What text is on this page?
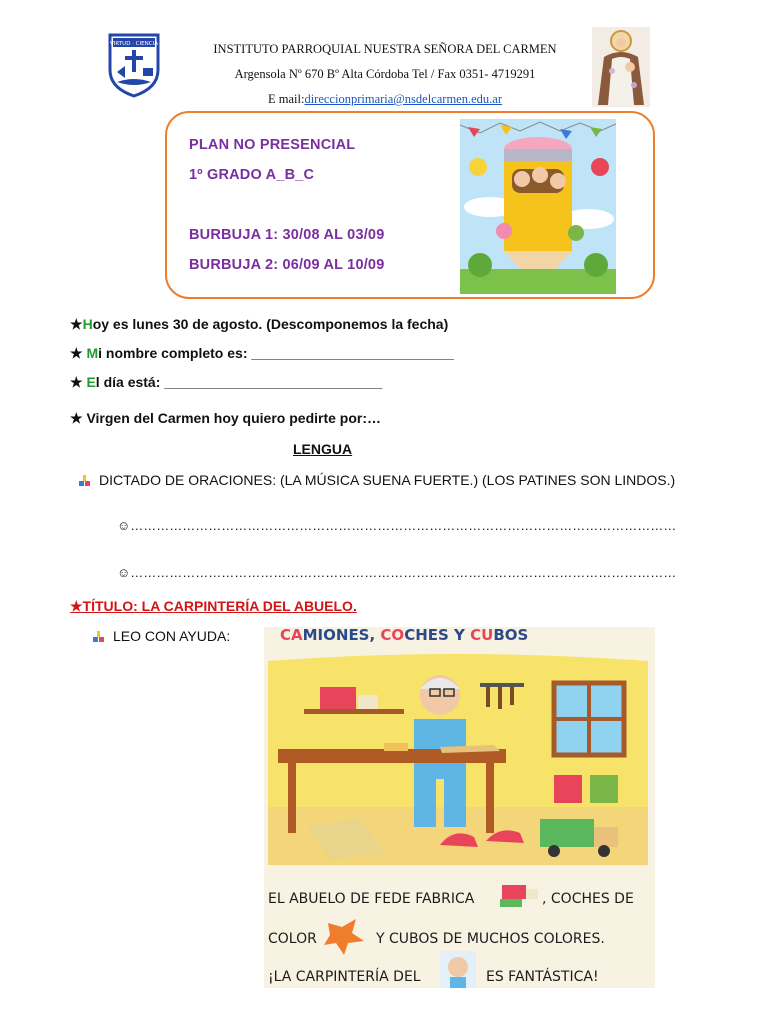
VIRTUD · CIENCIA	INSTITUTO PARROQUIAL NUESTRA SEÑORA DEL CARMEN
Argensola Nº 670 Bº Alta Córdoba Tel / Fax 0351- 4719291
E mail:direccionprimaria@nsdelcarmen.edu.ar
PLAN NO PRESENCIAL
1º GRADO A_B_C
BURBUJA 1: 30/08 AL 03/09
BURBUJA 2: 06/09 AL 10/09
★Hoy es lunes 30 de agosto. (Descomponemos la fecha)
★ Mi nombre completo es: __________________________
★ El día está: ____________________________
★ Virgen del Carmen hoy quiero pedirte por:…
LENGUA
DICTADO DE ORACIONES: (LA MÚSICA SUENA FUERTE.) (LOS PATINES SON LINDOS.)
☺………………………………………………………………………………………………………………
☺………………………………………………………………………………………………………………
★TÍTULO: LA CARPINTERÍA DEL ABUELO.
LEO CON AYUDA:	CAMIONES, COCHES Y CUBOS
EL ABUELO DE FEDE FABRICA	, COCHES DE
COLOR	Y CUBOS DE MUCHOS COLORES.
¡LA CARPINTERÍA DEL	ES FANTÁSTICA!
